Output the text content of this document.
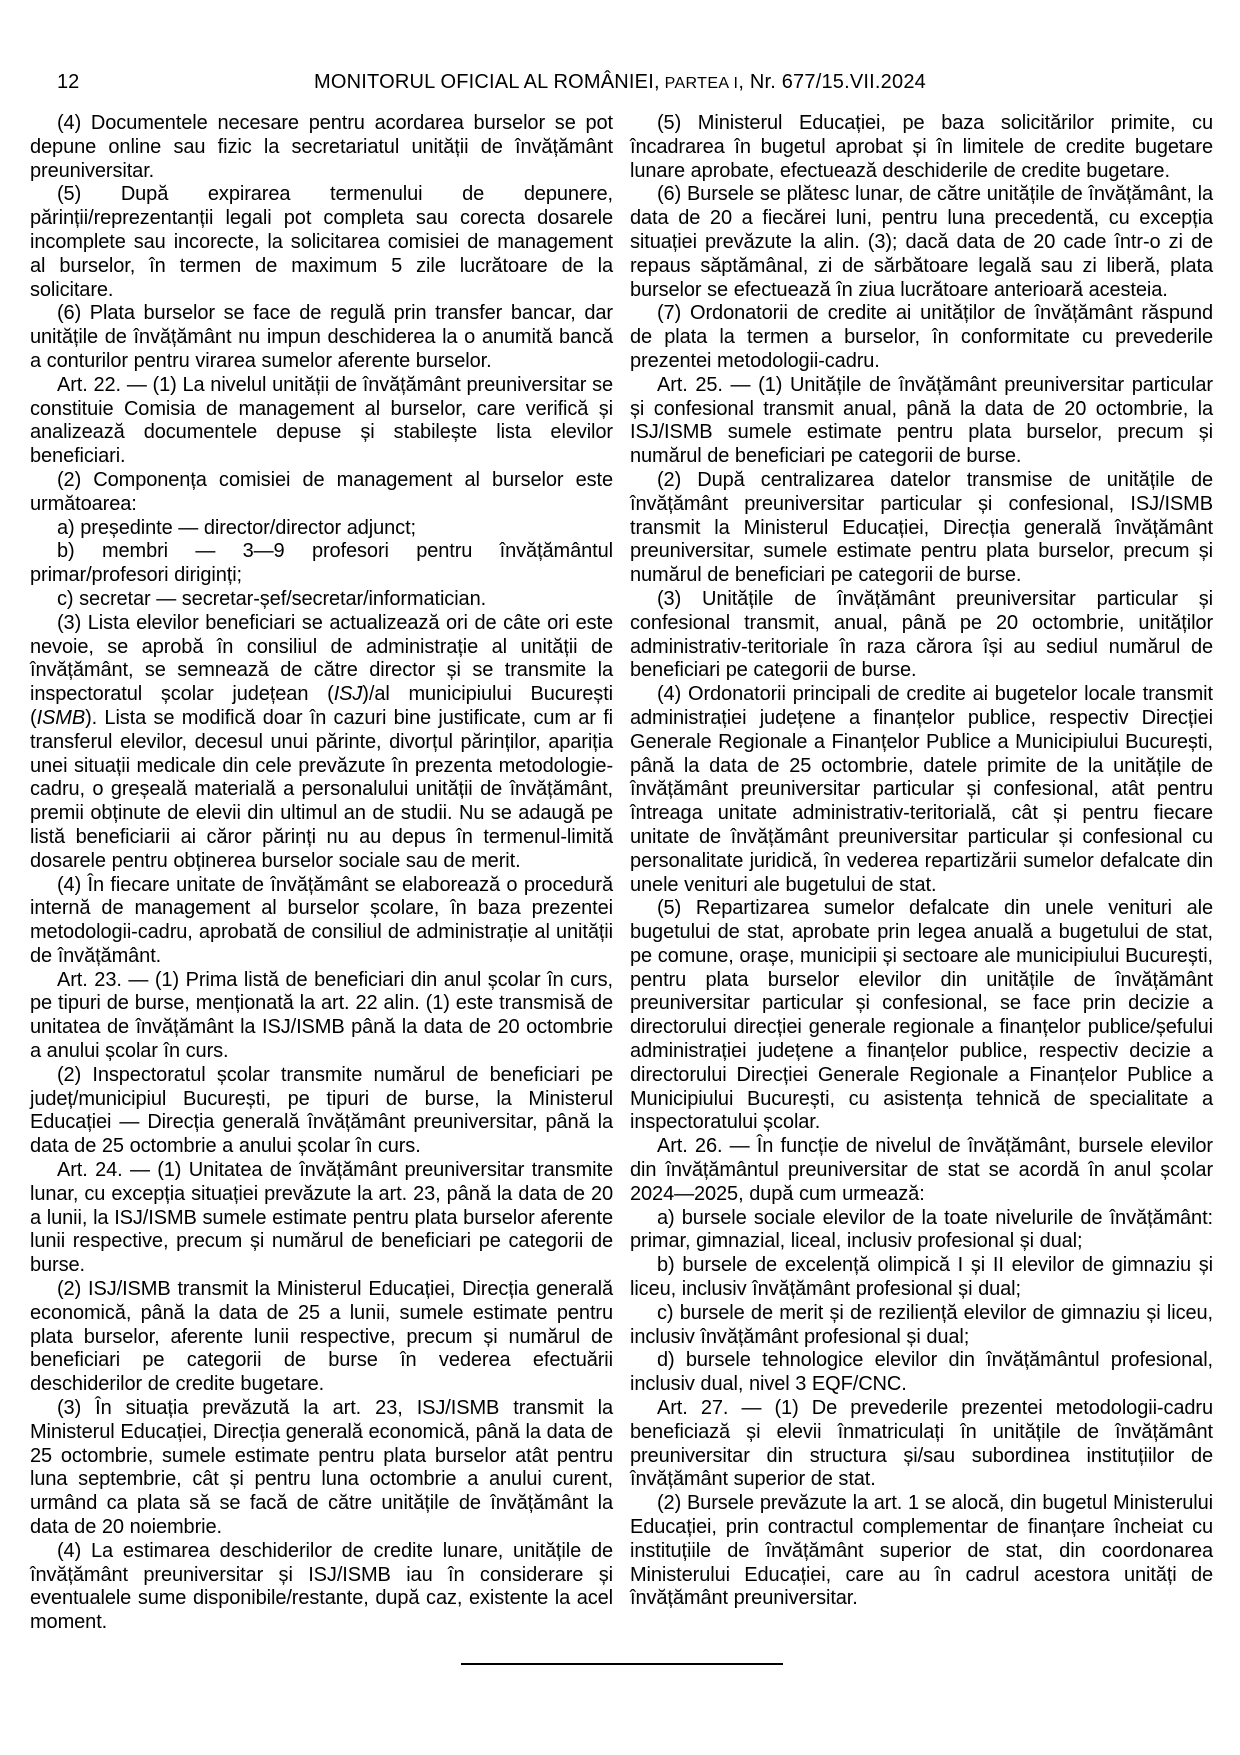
12	MONITORUL OFICIAL AL ROMÂNIEI, PARTEA I, Nr. 677/15.VII.2024

(4) Documentele necesare pentru acordarea burselor se pot depune online sau fizic la secretariatul unității de învățământ preuniversitar.

(5) După expirarea termenului de depunere, părinții/reprezentanții legali pot completa sau corecta dosarele incomplete sau incorecte, la solicitarea comisiei de management al burselor, în termen de maximum 5 zile lucrătoare de la solicitare.

(6) Plata burselor se face de regulă prin transfer bancar, dar unitățile de învățământ nu impun deschiderea la o anumită bancă a conturilor pentru virarea sumelor aferente burselor.

Art. 22. — (1) La nivelul unității de învățământ preuniversitar se constituie Comisia de management al burselor, care verifică și analizează documentele depuse și stabilește lista elevilor beneficiari.

(2) Componența comisiei de management al burselor este următoarea:

a) președinte — director/director adjunct;

b) membri — 3—9 profesori pentru învățământul primar/profesori diriginți;

c) secretar — secretar-șef/secretar/informatician.

(3) Lista elevilor beneficiari se actualizează ori de câte ori este nevoie, se aprobă în consiliul de administrație al unității de învățământ, se semnează de către director și se transmite la inspectoratul școlar județean (ISJ)/al municipiului București (ISMB). Lista se modifică doar în cazuri bine justificate, cum ar fi transferul elevilor, decesul unui părinte, divorțul părinților, apariția unei situații medicale din cele prevăzute în prezenta metodologie-cadru, o greșeală materială a personalului unității de învățământ, premii obținute de elevii din ultimul an de studii. Nu se adaugă pe listă beneficiarii ai căror părinți nu au depus în termenul-limită dosarele pentru obținerea burselor sociale sau de merit.

(4) În fiecare unitate de învățământ se elaborează o procedură internă de management al burselor școlare, în baza prezentei metodologii-cadru, aprobată de consiliul de administrație al unității de învățământ.

Art. 23. — (1) Prima listă de beneficiari din anul școlar în curs, pe tipuri de burse, menționată la art. 22 alin. (1) este transmisă de unitatea de învățământ la ISJ/ISMB până la data de 20 octombrie a anului școlar în curs.

(2) Inspectoratul școlar transmite numărul de beneficiari pe județ/municipiul București, pe tipuri de burse, la Ministerul Educației — Direcția generală învățământ preuniversitar, până la data de 25 octombrie a anului școlar în curs.

Art. 24. — (1) Unitatea de învățământ preuniversitar transmite lunar, cu excepția situației prevăzute la art. 23, până la data de 20 a lunii, la ISJ/ISMB sumele estimate pentru plata burselor aferente lunii respective, precum și numărul de beneficiari pe categorii de burse.

(2) ISJ/ISMB transmit la Ministerul Educației, Direcția generală economică, până la data de 25 a lunii, sumele estimate pentru plata burselor, aferente lunii respective, precum și numărul de beneficiari pe categorii de burse în vederea efectuării deschiderilor de credite bugetare.

(3) În situația prevăzută la art. 23, ISJ/ISMB transmit la Ministerul Educației, Direcția generală economică, până la data de 25 octombrie, sumele estimate pentru plata burselor atât pentru luna septembrie, cât și pentru luna octombrie a anului curent, urmând ca plata să se facă de către unitățile de învățământ la data de 20 noiembrie.

(4) La estimarea deschiderilor de credite lunare, unitățile de învățământ preuniversitar și ISJ/ISMB iau în considerare și eventualele sume disponibile/restante, după caz, existente la acel moment.

(5) Ministerul Educației, pe baza solicitărilor primite, cu încadrarea în bugetul aprobat și în limitele de credite bugetare lunare aprobate, efectuează deschiderile de credite bugetare.

(6) Bursele se plătesc lunar, de către unitățile de învățământ, la data de 20 a fiecărei luni, pentru luna precedentă, cu excepția situației prevăzute la alin. (3); dacă data de 20 cade într-o zi de repaus săptămânal, zi de sărbătoare legală sau zi liberă, plata burselor se efectuează în ziua lucrătoare anterioară acesteia.

(7) Ordonatorii de credite ai unităților de învățământ răspund de plata la termen a burselor, în conformitate cu prevederile prezentei metodologii-cadru.

Art. 25. — (1) Unitățile de învățământ preuniversitar particular și confesional transmit anual, până la data de 20 octombrie, la ISJ/ISMB sumele estimate pentru plata burselor, precum și numărul de beneficiari pe categorii de burse.

(2) După centralizarea datelor transmise de unitățile de învățământ preuniversitar particular și confesional, ISJ/ISMB transmit la Ministerul Educației, Direcția generală învățământ preuniversitar, sumele estimate pentru plata burselor, precum și numărul de beneficiari pe categorii de burse.

(3) Unitățile de învățământ preuniversitar particular și confesional transmit, anual, până pe 20 octombrie, unităților administrativ-teritoriale în raza cărora își au sediul numărul de beneficiari pe categorii de burse.

(4) Ordonatorii principali de credite ai bugetelor locale transmit administrației județene a finanțelor publice, respectiv Direcției Generale Regionale a Finanțelor Publice a Municipiului București, până la data de 25 octombrie, datele primite de la unitățile de învățământ preuniversitar particular și confesional, atât pentru întreaga unitate administrativ-teritorială, cât și pentru fiecare unitate de învățământ preuniversitar particular și confesional cu personalitate juridică, în vederea repartizării sumelor defalcate din unele venituri ale bugetului de stat.

(5) Repartizarea sumelor defalcate din unele venituri ale bugetului de stat, aprobate prin legea anuală a bugetului de stat, pe comune, orașe, municipii și sectoare ale municipiului București, pentru plata burselor elevilor din unitățile de învățământ preuniversitar particular și confesional, se face prin decizie a directorului direcției generale regionale a finanțelor publice/șefului administrației județene a finanțelor publice, respectiv decizie a directorului Direcției Generale Regionale a Finanțelor Publice a Municipiului București, cu asistența tehnică de specialitate a inspectoratului școlar.

Art. 26. — În funcție de nivelul de învățământ, bursele elevilor din învățământul preuniversitar de stat se acordă în anul școlar 2024—2025, după cum urmează:

a) bursele sociale elevilor de la toate nivelurile de învățământ: primar, gimnazial, liceal, inclusiv profesional și dual;

b) bursele de excelență olimpică I și II elevilor de gimnaziu și liceu, inclusiv învățământ profesional și dual;

c) bursele de merit și de reziliență elevilor de gimnaziu și liceu, inclusiv învățământ profesional și dual;

d) bursele tehnologice elevilor din învățământul profesional, inclusiv dual, nivel 3 EQF/CNC.

Art. 27. — (1) De prevederile prezentei metodologii-cadru beneficiază și elevii înmatriculați în unitățile de învățământ preuniversitar din structura și/sau subordinea instituțiilor de învățământ superior de stat.

(2) Bursele prevăzute la art. 1 se alocă, din bugetul Ministerului Educației, prin contractul complementar de finanțare încheiat cu instituțiile de învățământ superior de stat, din coordonarea Ministerului Educației, care au în cadrul acestora unități de învățământ preuniversitar.
